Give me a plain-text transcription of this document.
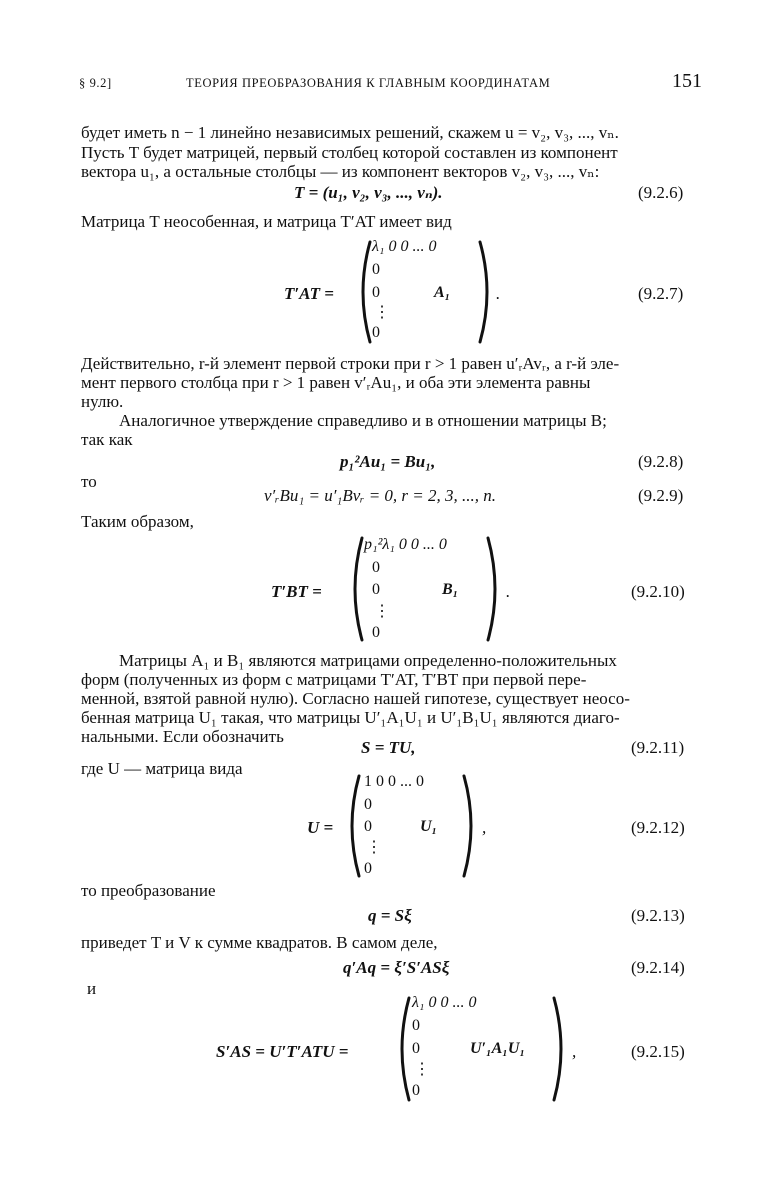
§ 9.2]	ТЕОРИЯ ПРЕОБРАЗОВАНИЯ К ГЛАВНЫМ КООРДИНАТАМ	151
будет иметь n − 1 линейно независимых решений, скажем u = v₂, v₃, ..., vₙ.
Пусть T будет матрицей, первый столбец которой составлен из компонент
вектора u₁, а остальные столбцы — из компонент векторов v₂, v₃, ..., vₙ:
T = (u₁, v₂, v₃, ..., vₙ).	(9.2.6)
Матрица T неособенная, и матрица T′AT имеет вид
T′AT =
λ₁ 0 0 ... 0
0
0
⋮
0
A₁	.	(9.2.7)
Действительно, r-й элемент первой строки при r > 1 равен u′ᵣAvᵣ, а r-й эле-
мент первого столбца при r > 1 равен v′ᵣAu₁, и оба эти элемента равны
нулю.
Аналогичное утверждение справедливо и в отношении матрицы B;
так как
p₁²Au₁ = Bu₁,	(9.2.8)
то
v′ᵣBu₁ = u′₁Bvᵣ = 0, r = 2, 3, ..., n.	(9.2.9)
Таким образом,
T′BT =
p₁²λ₁ 0 0 ... 0
0
0
⋮
0
B₁	.	(9.2.10)
Матрицы A₁ и B₁ являются матрицами определенно-положительных
форм (полученных из форм с матрицами T′AT, T′BT при первой пере-
менной, взятой равной нулю). Согласно нашей гипотезе, существует неосо-
бенная матрица U₁ такая, что матрицы U′₁A₁U₁ и U′₁B₁U₁ являются диаго-
нальными. Если обозначить
S = TU,	(9.2.11)
где U — матрица вида
U =
1 0 0 ... 0
0
0
⋮
0
U₁	,	(9.2.12)
то преобразование
q = Sξ	(9.2.13)
приведет T и V к сумме квадратов. В самом деле,
q′Aq = ξ′S′ASξ	(9.2.14)
и
S′AS = U′T′ATU =
λ₁ 0 0 ... 0
0
0
⋮
0
U′₁A₁U₁	,	(9.2.15)
